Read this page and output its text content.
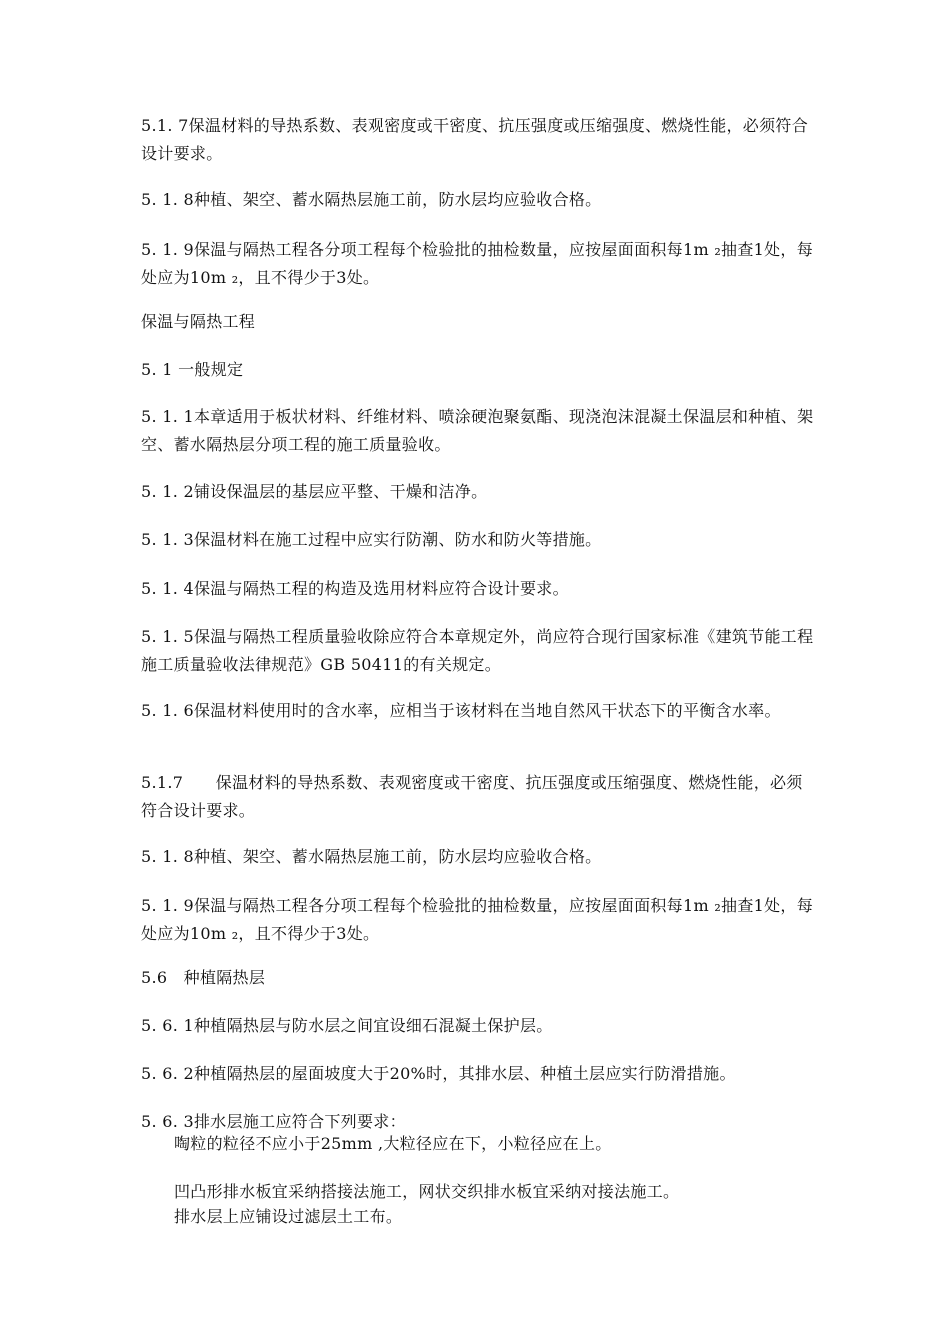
5.1. 7保温材料的导热系数、表观密度或干密度、抗压强度或压缩强度、燃烧性能，必须符合设计要求。
5. 1. 8种植、架空、蓄水隔热层施工前，防水层均应验收合格。
5. 1. 9保温与隔热工程各分项工程每个检验批的抽检数量，应按屋面面积每1m ₂抽查1处，每处应为10m ₂，且不得少于3处。
保温与隔热工程
5. 1 一般规定
5. 1. 1本章适用于板状材料、纤维材料、喷涂硬泡聚氨酯、现浇泡沫混凝土保温层和种植、架空、蓄水隔热层分项工程的施工质量验收。
5. 1. 2铺设保温层的基层应平整、干燥和洁净。
5. 1. 3保温材料在施工过程中应实行防潮、防水和防火等措施。
5. 1. 4保温与隔热工程的构造及选用材料应符合设计要求。
5. 1. 5保温与隔热工程质量验收除应符合本章规定外，尚应符合现行国家标准《建筑节能工程施工质量验收法律规范》GB 50411的有关规定。
5. 1. 6保温材料使用时的含水率，应相当于该材料在当地自然风干状态下的平衡含水率。
5.1.7　　保温材料的导热系数、表观密度或干密度、抗压强度或压缩强度、燃烧性能，必须符合设计要求。
5. 1. 8种植、架空、蓄水隔热层施工前，防水层均应验收合格。
5. 1. 9保温与隔热工程各分项工程每个检验批的抽检数量，应按屋面面积每1m ₂抽查1处，每处应为10m ₂，且不得少于3处。
5.6　种植隔热层
5. 6. 1种植隔热层与防水层之间宜设细石混凝土保护层。
5. 6. 2种植隔热层的屋面坡度大于20%时，其排水层、种植土层应实行防滑措施。
5. 6. 3排水层施工应符合下列要求：
啕粒的粒径不应小于25mm ,大粒径应在下，小粒径应在上。
凹凸形排水板宜采纳搭接法施工，网状交织排水板宜采纳对接法施工。
排水层上应铺设过滤层土工布。
